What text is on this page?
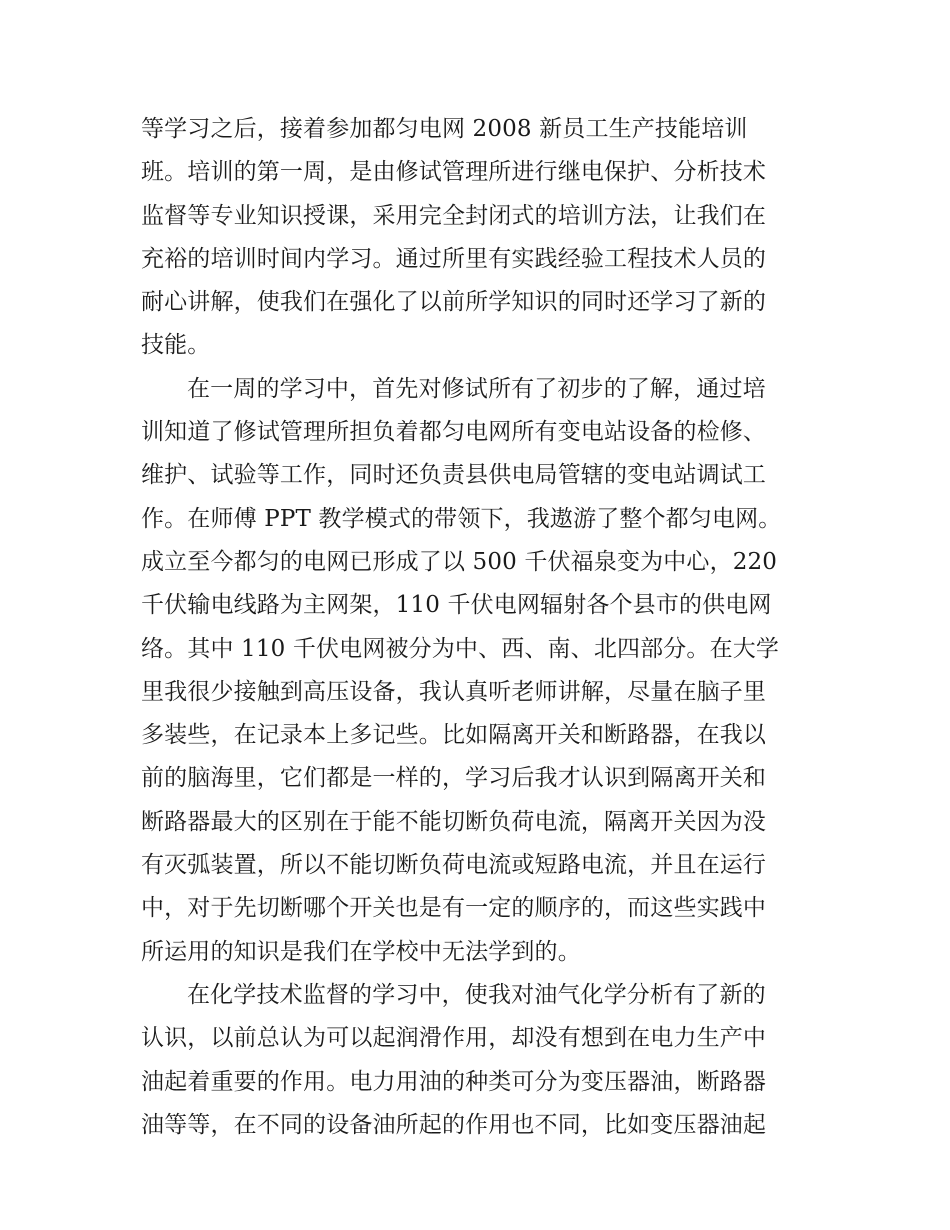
等学习之后，接着参加都匀电网 2008 新员工生产技能培训
班。培训的第一周，是由修试管理所进行继电保护、分析技术
监督等专业知识授课，采用完全封闭式的培训方法，让我们在
充裕的培训时间内学习。通过所里有实践经验工程技术人员的
耐心讲解，使我们在强化了以前所学知识的同时还学习了新的
技能。
在一周的学习中，首先对修试所有了初步的了解，通过培
训知道了修试管理所担负着都匀电网所有变电站设备的检修、
维护、试验等工作，同时还负责县供电局管辖的变电站调试工
作。在师傅 PPT 教学模式的带领下，我遨游了整个都匀电网。
成立至今都匀的电网已形成了以 500 千伏福泉变为中心，220
千伏输电线路为主网架，110 千伏电网辐射各个县市的供电网
络。其中 110 千伏电网被分为中、西、南、北四部分。在大学
里我很少接触到高压设备，我认真听老师讲解，尽量在脑子里
多装些，在记录本上多记些。比如隔离开关和断路器，在我以
前的脑海里，它们都是一样的，学习后我才认识到隔离开关和
断路器最大的区别在于能不能切断负荷电流，隔离开关因为没
有灭弧装置，所以不能切断负荷电流或短路电流，并且在运行
中，对于先切断哪个开关也是有一定的顺序的，而这些实践中
所运用的知识是我们在学校中无法学到的。
在化学技术监督的学习中，使我对油气化学分析有了新的
认识，以前总认为可以起润滑作用，却没有想到在电力生产中
油起着重要的作用。电力用油的种类可分为变压器油，断路器
油等等，在不同的设备油所起的作用也不同，比如变压器油起
